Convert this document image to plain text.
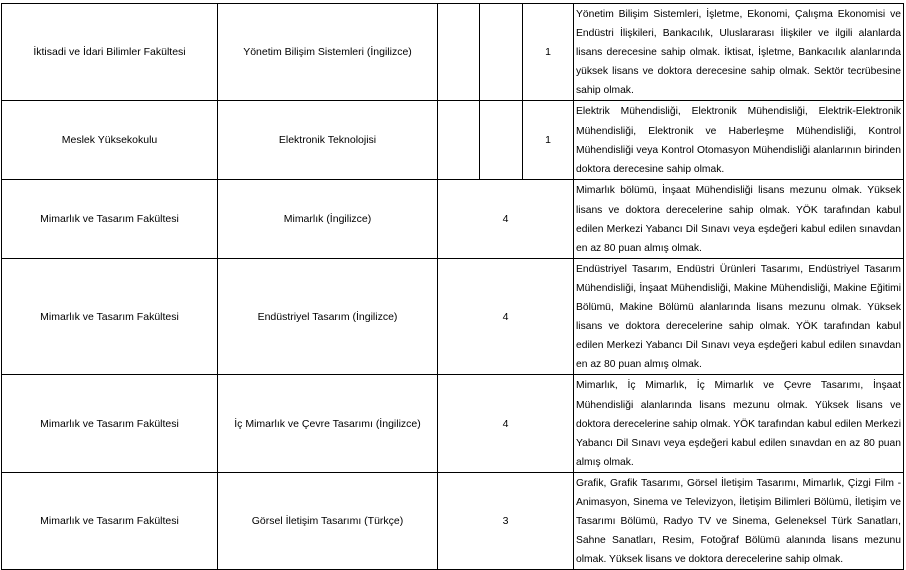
İktisadi ve İdari Bilimler Fakültesi	Yönetim Bilişim Sistemleri (İngilizce)			1	Yönetim Bilişim Sistemleri, İşletme, Ekonomi, Çalışma Ekonomisi ve Endüstri İlişkileri, Bankacılık, Uluslararası İlişkiler ve ilgili alanlarda lisans derecesine sahip olmak. İktisat, İşletme, Bankacılık alanlarında yüksek lisans ve doktora derecesine sahip olmak. Sektör tecrübesine sahip olmak.
Meslek Yüksekokulu	Elektronik Teknolojisi			1	Elektrik Mühendisliği, Elektronik Mühendisliği, Elektrik-Elektronik Mühendisliği, Elektronik ve Haberleşme Mühendisliği, Kontrol Mühendisliği veya Kontrol Otomasyon Mühendisliği alanlarının birinden doktora derecesine sahip olmak.
Mimarlık ve Tasarım Fakültesi	Mimarlık (İngilizce)	4			Mimarlık bölümü, İnşaat Mühendisliği lisans mezunu olmak. Yüksek lisans ve doktora derecelerine sahip olmak. YÖK tarafından kabul edilen Merkezi Yabancı Dil Sınavı veya eşdeğeri kabul edilen sınavdan en az 80 puan almış olmak.
Mimarlık ve Tasarım Fakültesi	Endüstriyel Tasarım (İngilizce)	4			Endüstriyel Tasarım, Endüstri Ürünleri Tasarımı, Endüstriyel Tasarım Mühendisliği, İnşaat Mühendisliği, Makine Mühendisliği, Makine Eğitimi Bölümü, Makine Bölümü alanlarında lisans mezunu olmak. Yüksek lisans ve doktora derecelerine sahip olmak. YÖK tarafından kabul edilen Merkezi Yabancı Dil Sınavı veya eşdeğeri kabul edilen sınavdan en az 80 puan almış olmak.
Mimarlık ve Tasarım Fakültesi	İç Mimarlık ve Çevre Tasarımı (İngilizce)	4			Mimarlık, İç Mimarlık, İç Mimarlık ve Çevre Tasarımı, İnşaat Mühendisliği alanlarında lisans mezunu olmak. Yüksek lisans ve doktora derecelerine sahip olmak. YÖK tarafından kabul edilen Merkezi Yabancı Dil Sınavı veya eşdeğeri kabul edilen sınavdan en az 80 puan almış olmak.
Mimarlık ve Tasarım Fakültesi	Görsel İletişim Tasarımı (Türkçe)	3			Grafik, Grafik Tasarımı, Görsel İletişim Tasarımı, Mimarlık, Çizgi Film -Animasyon, Sinema ve Televizyon, İletişim Bilimleri Bölümü, İletişim ve Tasarımı Bölümü, Radyo TV ve Sinema, Geleneksel Türk Sanatları, Sahne Sanatları, Resim, Fotoğraf Bölümü alanında lisans mezunu olmak. Yüksek lisans ve doktora derecelerine sahip olmak.
